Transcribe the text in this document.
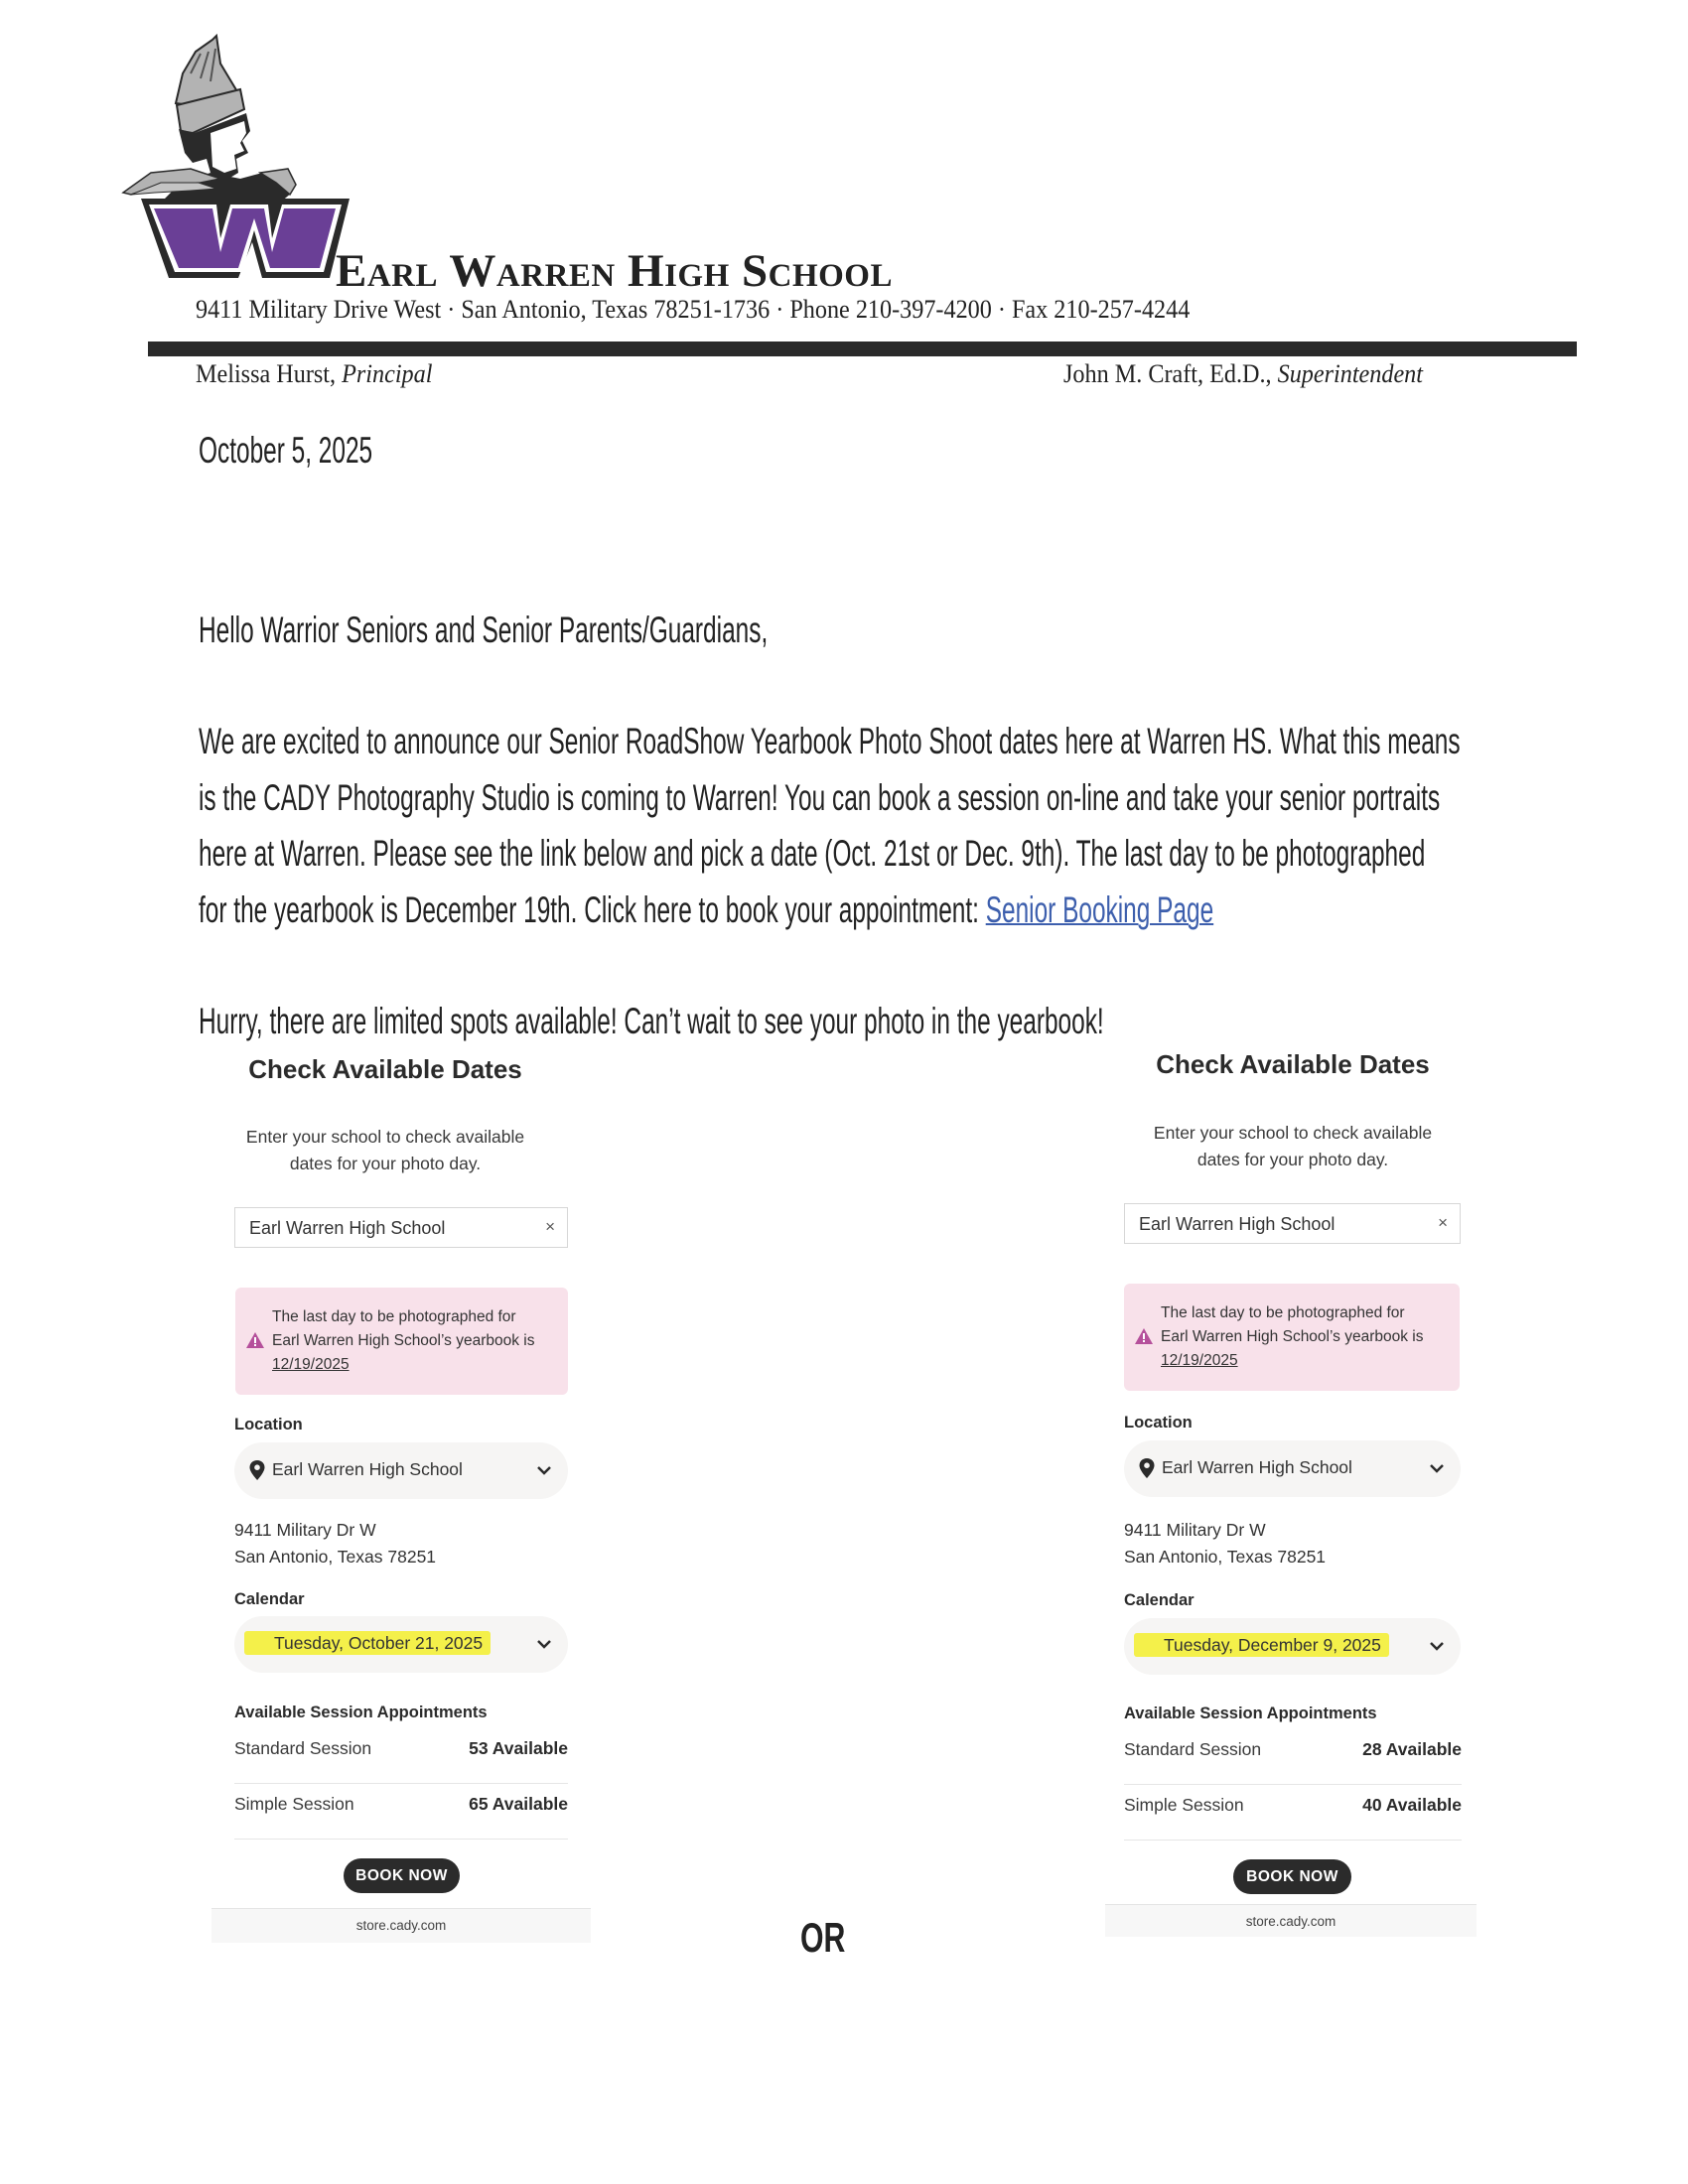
Earl Warren High School
9411 Military Drive West · San Antonio, Texas 78251-1736 · Phone 210-397-4200 · Fax 210-257-4244
Melissa Hurst, Principal	John M. Craft, Ed.D., Superintendent
October 5, 2025
Hello Warrior Seniors and Senior Parents/Guardians,
We are excited to announce our Senior RoadShow Yearbook Photo Shoot dates here at Warren HS. What this means
is the CADY Photography Studio is coming to Warren! You can book a session on-line and take your senior portraits
here at Warren. Please see the link below and pick a date (Oct. 21st or Dec. 9th). The last day to be photographed
for the yearbook is December 19th. Click here to book your appointment: Senior Booking Page
Hurry, there are limited spots available! Can’t wait to see your photo in the yearbook!
Check Available Dates
Enter your school to check available
dates for your photo day.
Earl Warren High School	×
The last day to be photographed for
Earl Warren High School’s yearbook is
12/19/2025
Location
Earl Warren High School
9411 Military Dr W
San Antonio, Texas 78251
Calendar
Tuesday, October 21, 2025
Available Session Appointments
Standard Session	53 Available
Simple Session	65 Available
BOOK NOW
store.cady.com	OR
Check Available Dates
Enter your school to check available
dates for your photo day.
Earl Warren High School	×
The last day to be photographed for
Earl Warren High School’s yearbook is
12/19/2025
Location
Earl Warren High School
9411 Military Dr W
San Antonio, Texas 78251
Calendar
Tuesday, December 9, 2025
Available Session Appointments
Standard Session	28 Available
Simple Session	40 Available
BOOK NOW
store.cady.com
